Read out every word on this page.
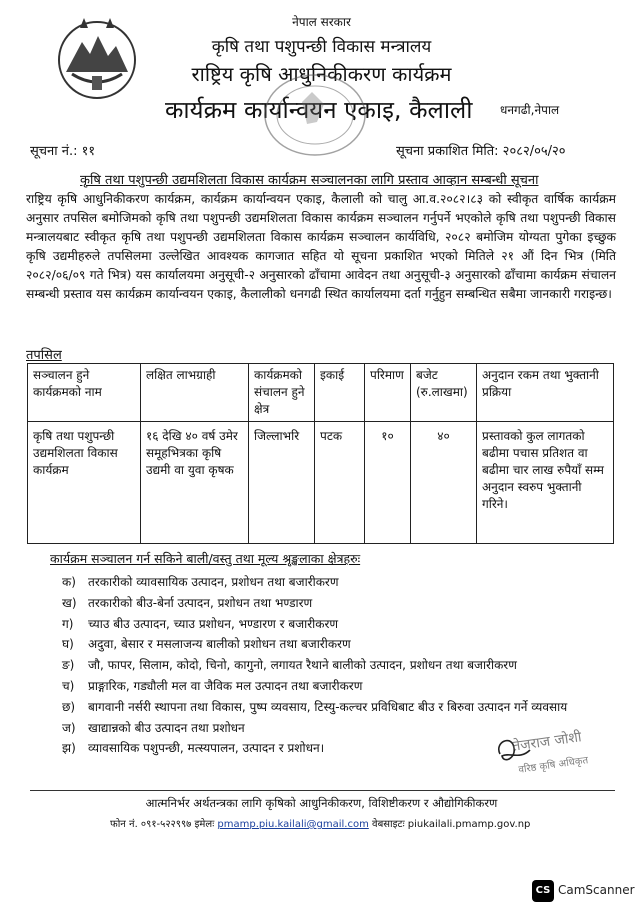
नेपाल सरकार
कृषि तथा पशुपन्छी विकास मन्त्रालय
राष्ट्रिय कृषि आधुनिकीकरण कार्यक्रम
कार्यक्रम कार्यान्वयन एकाइ, कैलाली धनगढी,नेपाल
सूचना नं.: ११	सूचना प्रकाशित मिति: २०८२/०५/२०
कृषि तथा पशुपन्छी उद्यमशिलता विकास कार्यक्रम सञ्चालनका लागि प्रस्ताव आव्हान सम्बन्धी सूचना
राष्ट्रिय कृषि आधुनिकीकरण कार्यक्रम, कार्यक्रम कार्यान्वयन एकाइ, कैलाली को चालु आ.व.२०८२।८३ को स्वीकृत वार्षिक कार्यक्रम अनुसार तपसिल बमोजिमको कृषि तथा पशुपन्छी उद्यमशिलता विकास कार्यक्रम सञ्चालन गर्नुपर्ने भएकोले कृषि तथा पशुपन्छी विकास मन्त्रालयबाट स्वीकृत कृषि तथा पशुपन्छी उद्यमशिलता विकास कार्यक्रम सञ्चालन कार्यविधि, २०८२ बमोजिम योग्यता पुगेका इच्छुक कृषि उद्यमीहरुले तपसिलमा उल्लेखित आवश्यक कागजात सहित यो सूचना प्रकाशित भएको मितिले २१ औं दिन भित्र (मिति २०८२/०६/०९ गते भित्र) यस कार्यालयमा अनुसूची-२ अनुसारको ढाँचामा आवेदन तथा अनुसूची-३ अनुसारको ढाँचामा कार्यक्रम संचालन सम्बन्धी प्रस्ताव यस कार्यक्रम कार्यान्वयन एकाइ, कैलालीको धनगढी स्थित कार्यालयमा दर्ता गर्नुहुन सम्बन्धित सबैमा जानकारी गराइन्छ।
तपसिल
सञ्चालन हुने कार्यक्रमको नाम	लक्षित लाभग्राही	कार्यक्रमको संचालन हुने क्षेत्र	इकाई	परिमाण	बजेट (रु.लाखमा)	अनुदान रकम तथा भुक्तानी प्रक्रिया
कृषि तथा पशुपन्छी उद्यमशिलता विकास कार्यक्रम	१६ देखि ४० वर्ष उमेर समूहभित्रका कृषि उद्यमी वा युवा कृषक	जिल्लाभरि	पटक	१०	४०	प्रस्तावको कुल लागतको बढीमा पचास प्रतिशत वा बढीमा चार लाख रुपैयाँ सम्म अनुदान स्वरुप भुक्तानी गरिने।
कार्यक्रम सञ्चालन गर्न सकिने बाली/वस्तु तथा मूल्य श्रृङ्खलाका क्षेत्रहरुः
क)	तरकारीको व्यावसायिक उत्पादन, प्रशोधन तथा बजारीकरण
ख) तरकारीको बीउ-बेर्ना उत्पादन, प्रशोधन तथा भण्डारण
ग)	च्याउ बीउ उत्पादन, च्याउ प्रशोधन, भण्डारण र बजारीकरण
घ)	अदुवा, बेसार र मसलाजन्य बालीको प्रशोधन तथा बजारीकरण
ङ)	जौ, फापर, सिलाम, कोदो, चिनो, कागुनो, लगायत रैथाने बालीको उत्पादन, प्रशोधन तथा बजारीकरण
च)	प्राङ्गारिक, गड्यौली मल वा जैविक मल उत्पादन तथा बजारीकरण
छ)	बागवानी नर्सरी स्थापना तथा विकास, पुष्प व्यवसाय, टिस्यु-कल्चर प्रविधिबाट बीउ र बिरुवा उत्पादन गर्ने व्यवसाय
ज)	खाद्यान्नको बीउ उत्पादन तथा प्रशोधन
झ)	व्यावसायिक पशुपन्छी, मत्स्यपालन, उत्पादन र प्रशोधन।	तेजराज जोशी
वरिष्ठ कृषि अधिकृत
आत्मनिर्भर अर्थतन्त्रका लागि कृषिको आधुनिकीकरण, विशिष्टीकरण र औद्योगिकीकरण
फोन नं. ०९१-५२२९९७ इमेलः pmamp.piu.kailali@gmail.com वेबसाइटः piukailali.pmamp.gov.np
CS CamScanner
